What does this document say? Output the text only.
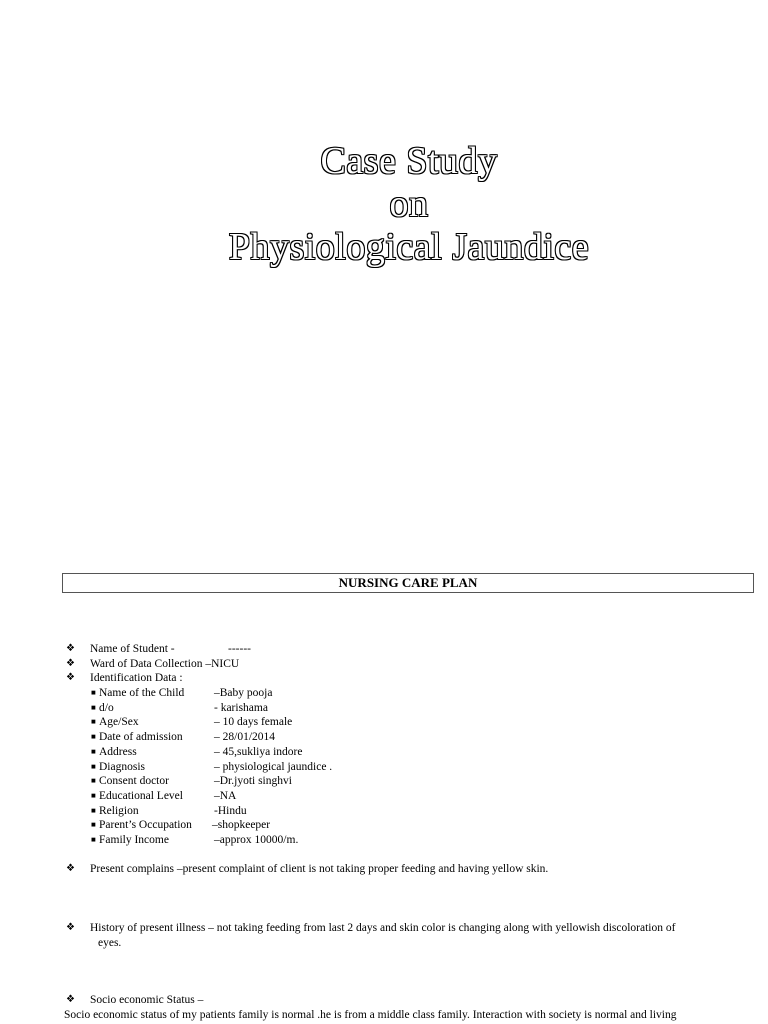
Case Study
on
Physiological Jaundice
NURSING CARE PLAN
❖ Name of Student -	------
❖ Ward of Data Collection –NICU
❖ Identification Data :
■ Name of the Child	–Baby pooja
■ d/o	- karishama
■ Age/Sex	– 10 days female
■ Date of admission	– 28/01/2014
■ Address	– 45,sukliya indore
■ Diagnosis	– physiological jaundice .
■ Consent doctor	–Dr.jyoti singhvi
■ Educational Level	–NA
■ Religion	-Hindu
■ Parent’s Occupation –shopkeeper
■ Family Income	–approx 10000/m.
❖	Present complains –present complaint of client is not taking proper feeding and having yellow skin.
❖	History of present illness – not taking feeding from last 2 days and skin color is changing along with yellowish discoloration of
eyes.
❖	Socio economic Status –
Socio economic status of my patients family is normal .he is from a middle class family. Interaction with society is normal and living
